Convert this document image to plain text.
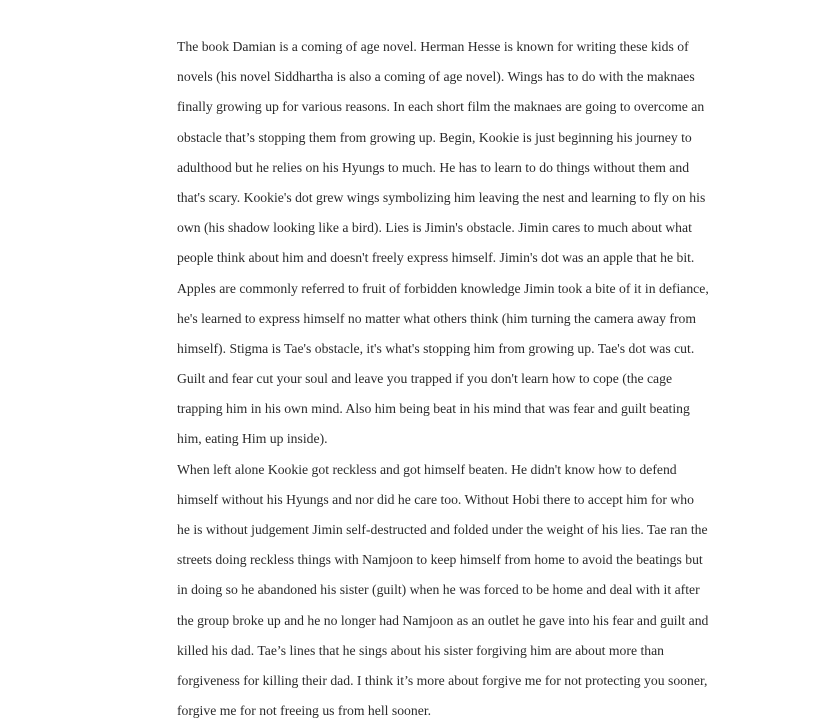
The book Damian is a coming of age novel. Herman Hesse is known for writing these kids of
novels (his novel Siddhartha is also a coming of age novel). Wings has to do with the maknaes
finally growing up for various reasons. In each short film the maknaes are going to overcome an
obstacle that’s stopping them from growing up. Begin, Kookie is just beginning his journey to
adulthood but he relies on his Hyungs to much. He has to learn to do things without them and
that's scary. Kookie's dot grew wings symbolizing him leaving the nest and learning to fly on his
own (his shadow looking like a bird). Lies is Jimin's obstacle. Jimin cares to much about what
people think about him and doesn't freely express himself. Jimin's dot was an apple that he bit.
Apples are commonly referred to fruit of forbidden knowledge Jimin took a bite of it in defiance,
he's learned to express himself no matter what others think (him turning the camera away from
himself). Stigma is Tae's obstacle, it's what's stopping him from growing up. Tae's dot was cut.
Guilt and fear cut your soul and leave you trapped if you don't learn how to cope (the cage
trapping him in his own mind. Also him being beat in his mind that was fear and guilt beating
him, eating Him up inside).
When left alone Kookie got reckless and got himself beaten. He didn't know how to defend
himself without his Hyungs and nor did he care too. Without Hobi there to accept him for who
he is without judgement Jimin self-destructed and folded under the weight of his lies. Tae ran the
streets doing reckless things with Namjoon to keep himself from home to avoid the beatings but
in doing so he abandoned his sister (guilt) when he was forced to be home and deal with it after
the group broke up and he no longer had Namjoon as an outlet he gave into his fear and guilt and
killed his dad. Tae’s lines that he sings about his sister forgiving him are about more than
forgiveness for killing their dad. I think it’s more about forgive me for not protecting you sooner,
forgive me for not freeing us from hell sooner.
